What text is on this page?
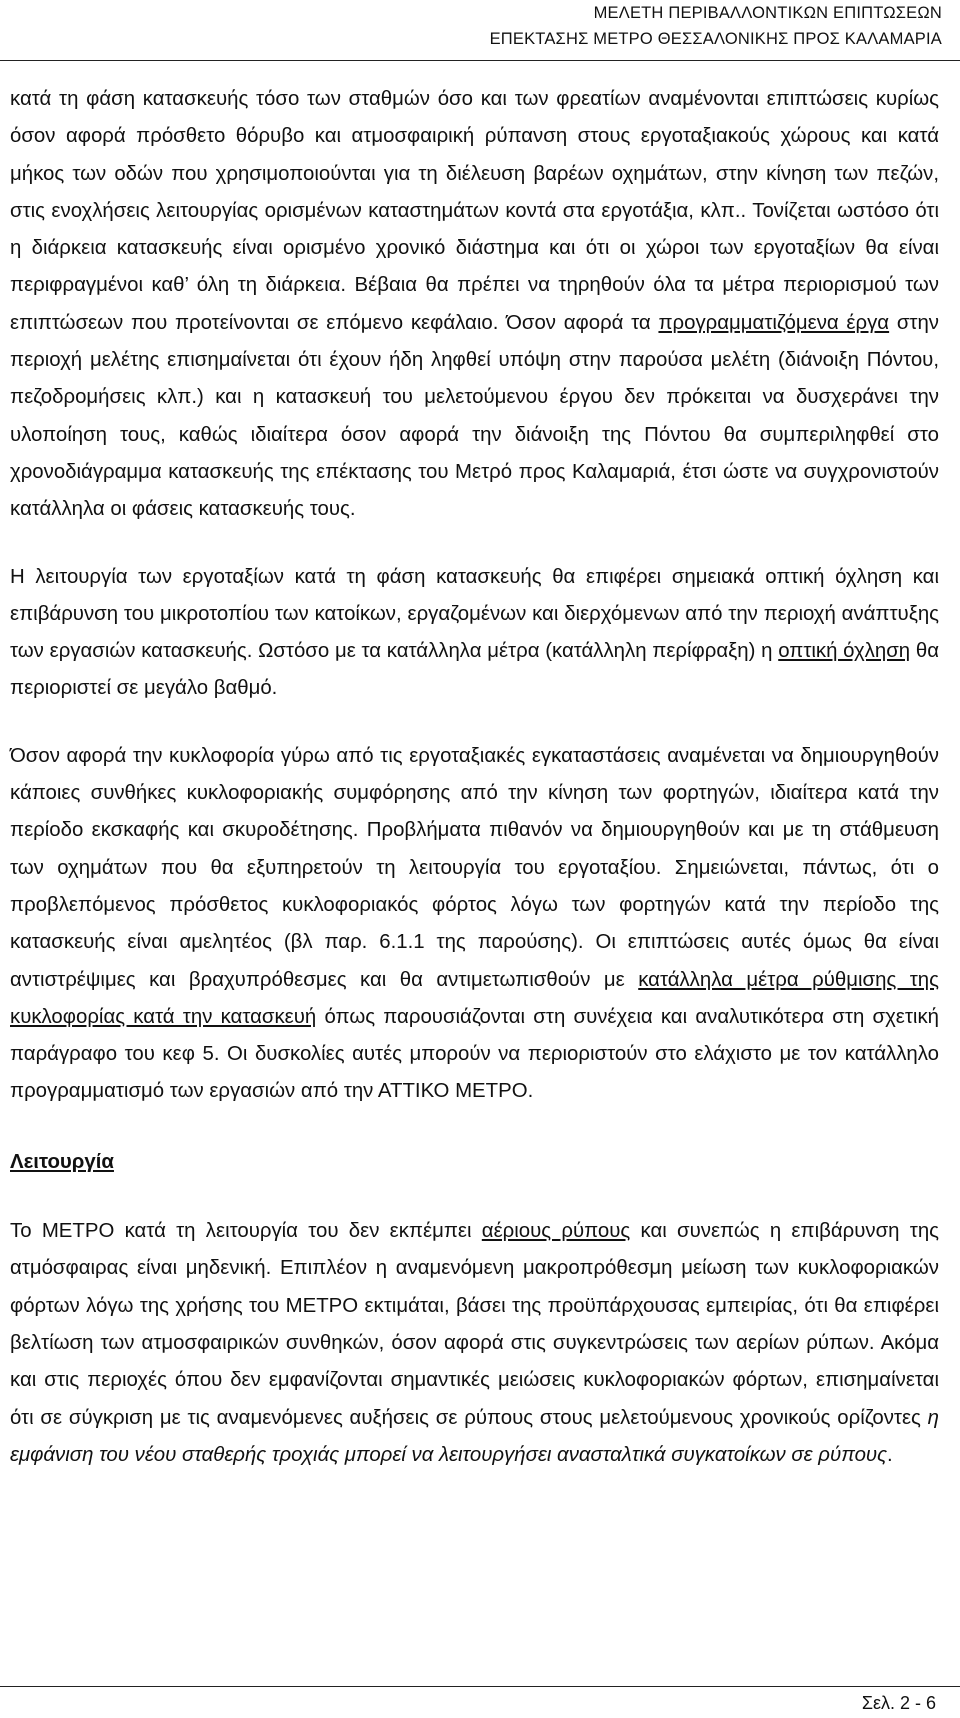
ΜΕΛΕΤΗ ΠΕΡΙΒΑΛΛΟΝΤΙΚΩΝ ΕΠΙΠΤΩΣΕΩΝ
ΕΠΕΚΤΑΣΗΣ ΜΕΤΡΟ ΘΕΣΣΑΛΟΝΙΚΗΣ ΠΡΟΣ ΚΑΛΑΜΑΡΙΑ

κατά τη φάση κατασκευής τόσο των σταθμών όσο και των φρεατίων αναμένονται επιπτώσεις κυρίως όσον αφορά πρόσθετο θόρυβο και ατμοσφαιρική ρύπανση στους εργοταξιακούς χώρους και κατά μήκος των οδών που χρησιμοποιούνται για τη διέλευση βαρέων οχημάτων, στην κίνηση των πεζών, στις ενοχλήσεις λειτουργίας ορισμένων καταστημάτων κοντά στα εργοτάξια, κλπ.. Τονίζεται ωστόσο ότι η διάρκεια κατασκευής είναι ορισμένο χρονικό διάστημα και ότι οι χώροι των εργοταξίων θα είναι περιφραγμένοι καθ’ όλη τη διάρκεια. Βέβαια θα πρέπει να τηρηθούν όλα τα μέτρα περιορισμού των επιπτώσεων που προτείνονται σε επόμενο κεφάλαιο. Όσον αφορά τα προγραμματιζόμενα έργα στην περιοχή μελέτης επισημαίνεται ότι έχουν ήδη ληφθεί υπόψη στην παρούσα μελέτη (διάνοιξη Πόντου, πεζοδρομήσεις κλπ.) και η κατασκευή του μελετούμενου έργου δεν πρόκειται να δυσχεράνει την υλοποίηση τους, καθώς ιδιαίτερα όσον αφορά την διάνοιξη της Πόντου θα συμπεριληφθεί στο χρονοδιάγραμμα κατασκευής της επέκτασης του Μετρό προς Καλαμαριά, έτσι ώστε να συγχρονιστούν κατάλληλα οι φάσεις κατασκευής τους.

Η λειτουργία των εργοταξίων κατά τη φάση κατασκευής θα επιφέρει σημειακά οπτική όχληση και επιβάρυνση του μικροτοπίου των κατοίκων, εργαζομένων και διερχόμενων από την περιοχή ανάπτυξης των εργασιών κατασκευής. Ωστόσο με τα κατάλληλα μέτρα (κατάλληλη περίφραξη) η οπτική όχληση θα περιοριστεί σε μεγάλο βαθμό.

Όσον αφορά την κυκλοφορία γύρω από τις εργοταξιακές εγκαταστάσεις αναμένεται να δημιουργηθούν κάποιες συνθήκες κυκλοφοριακής συμφόρησης από την κίνηση των φορτηγών, ιδιαίτερα κατά την περίοδο εκσκαφής και σκυροδέτησης. Προβλήματα πιθανόν να δημιουργηθούν και με τη στάθμευση των οχημάτων που θα εξυπηρετούν τη λειτουργία του εργοταξίου. Σημειώνεται, πάντως, ότι ο προβλεπόμενος πρόσθετος κυκλοφοριακός φόρτος λόγω των φορτηγών κατά την περίοδο της κατασκευής είναι αμελητέος (βλ παρ. 6.1.1 της παρούσης). Οι επιπτώσεις αυτές όμως θα είναι αντιστρέψιμες και βραχυπρόθεσμες και θα αντιμετωπισθούν με κατάλληλα μέτρα ρύθμισης της κυκλοφορίας κατά την κατασκευή όπως παρουσιάζονται στη συνέχεια και αναλυτικότερα στη σχετική παράγραφο του κεφ 5. Οι δυσκολίες αυτές μπορούν να περιοριστούν στο ελάχιστο με τον κατάλληλο προγραμματισμό των εργασιών από την ΑΤΤΙΚΟ ΜΕΤΡΟ.

Λειτουργία

Το ΜΕΤΡΟ κατά τη λειτουργία του δεν εκπέμπει αέριους ρύπους και συνεπώς η επιβάρυνση της ατμόσφαιρας είναι μηδενική. Επιπλέον η αναμενόμενη μακροπρόθεσμη μείωση των κυκλοφοριακών φόρτων λόγω της χρήσης του ΜΕΤΡΟ εκτιμάται, βάσει της προϋπάρχουσας εμπειρίας, ότι θα επιφέρει βελτίωση των ατμοσφαιρικών συνθηκών, όσον αφορά στις συγκεντρώσεις των αερίων ρύπων. Ακόμα και στις περιοχές όπου δεν εμφανίζονται σημαντικές μειώσεις κυκλοφοριακών φόρτων, επισημαίνεται ότι σε σύγκριση με τις αναμενόμενες αυξήσεις σε ρύπους στους μελετούμενους χρονικούς ορίζοντες η εμφάνιση του νέου σταθερής τροχιάς μπορεί να λειτουργήσει ανασταλτικά συγκατοίκων σε ρύπους.

Σελ. 2 - 6
